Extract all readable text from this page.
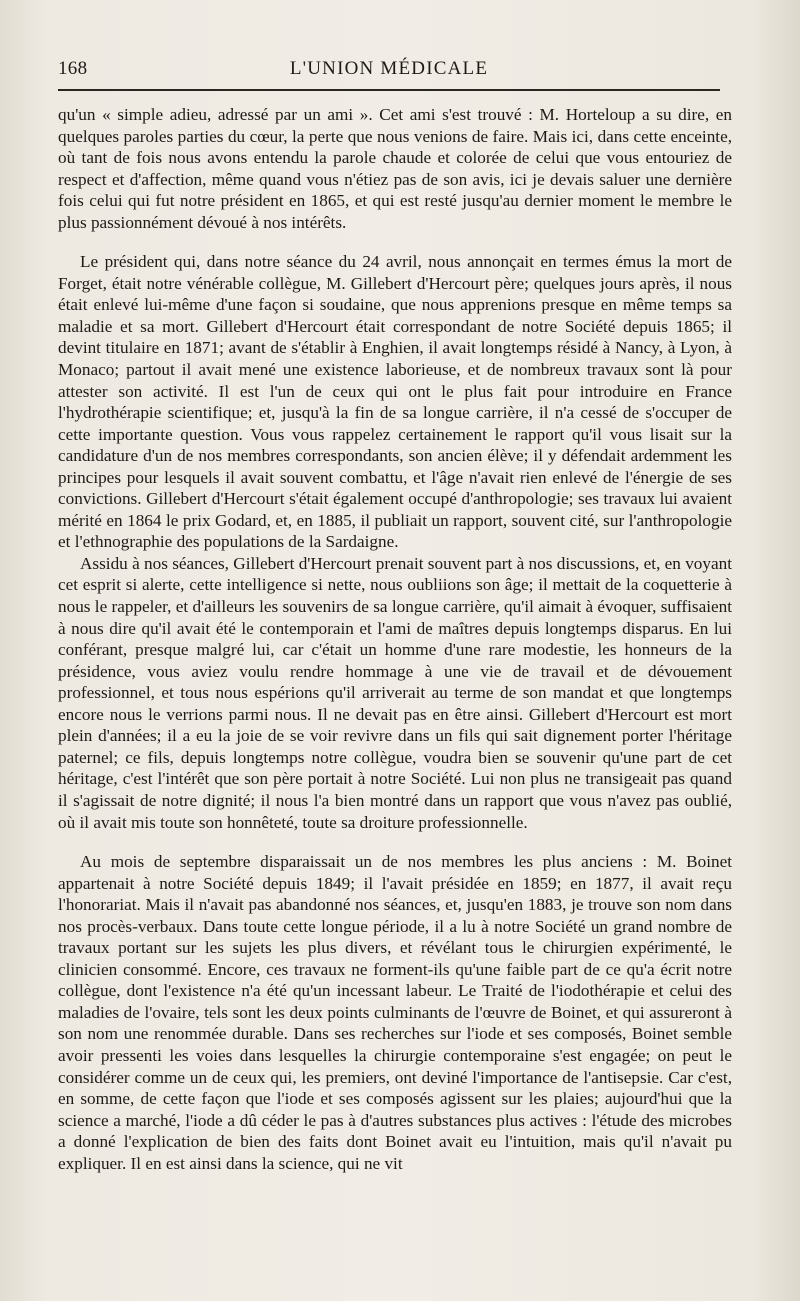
168	L'UNION MÉDICALE

qu'un « simple adieu, adressé par un ami ». Cet ami s'est trouvé : M. Horteloup a su dire, en quelques paroles parties du cœur, la perte que nous venions de faire. Mais ici, dans cette enceinte, où tant de fois nous avons entendu la parole chaude et colorée de celui que vous entouriez de respect et d'affection, même quand vous n'étiez pas de son avis, ici je devais saluer une dernière fois celui qui fut notre président en 1865, et qui est resté jusqu'au dernier moment le membre le plus passionnément dévoué à nos intérêts.

Le président qui, dans notre séance du 24 avril, nous annonçait en termes émus la mort de Forget, était notre vénérable collègue, M. Gillebert d'Hercourt père; quelques jours après, il nous était enlevé lui-même d'une façon si soudaine, que nous apprenions presque en même temps sa maladie et sa mort. Gillebert d'Hercourt était correspondant de notre Société depuis 1865; il devint titulaire en 1871; avant de s'établir à Enghien, il avait longtemps résidé à Nancy, à Lyon, à Monaco; partout il avait mené une existence laborieuse, et de nombreux travaux sont là pour attester son activité. Il est l'un de ceux qui ont le plus fait pour introduire en France l'hydrothérapie scientifique; et, jusqu'à la fin de sa longue carrière, il n'a cessé de s'occuper de cette importante question. Vous vous rappelez certainement le rapport qu'il vous lisait sur la candidature d'un de nos membres correspondants, son ancien élève; il y défendait ardemment les principes pour lesquels il avait souvent combattu, et l'âge n'avait rien enlevé de l'énergie de ses convictions. Gillebert d'Hercourt s'était également occupé d'anthropologie; ses travaux lui avaient mérité en 1864 le prix Godard, et, en 1885, il publiait un rapport, souvent cité, sur l'anthropologie et l'ethnographie des populations de la Sardaigne.

Assidu à nos séances, Gillebert d'Hercourt prenait souvent part à nos discussions, et, en voyant cet esprit si alerte, cette intelligence si nette, nous oubliions son âge; il mettait de la coquetterie à nous le rappeler, et d'ailleurs les souvenirs de sa longue carrière, qu'il aimait à évoquer, suffisaient à nous dire qu'il avait été le contemporain et l'ami de maîtres depuis longtemps disparus. En lui conférant, presque malgré lui, car c'était un homme d'une rare modestie, les honneurs de la présidence, vous aviez voulu rendre hommage à une vie de travail et de dévouement professionnel, et tous nous espérions qu'il arriverait au terme de son mandat et que longtemps encore nous le verrions parmi nous. Il ne devait pas en être ainsi. Gillebert d'Hercourt est mort plein d'années; il a eu la joie de se voir revivre dans un fils qui sait dignement porter l'héritage paternel; ce fils, depuis longtemps notre collègue, voudra bien se souvenir qu'une part de cet héritage, c'est l'intérêt que son père portait à notre Société. Lui non plus ne transigeait pas quand il s'agissait de notre dignité; il nous l'a bien montré dans un rapport que vous n'avez pas oublié, où il avait mis toute son honnêteté, toute sa droiture professionnelle.

Au mois de septembre disparaissait un de nos membres les plus anciens : M. Boinet appartenait à notre Société depuis 1849; il l'avait présidée en 1859; en 1877, il avait reçu l'honorariat. Mais il n'avait pas abandonné nos séances, et, jusqu'en 1883, je trouve son nom dans nos procès-verbaux. Dans toute cette longue période, il a lu à notre Société un grand nombre de travaux portant sur les sujets les plus divers, et révélant tous le chirurgien expérimenté, le clinicien consommé. Encore, ces travaux ne forment-ils qu'une faible part de ce qu'a écrit notre collègue, dont l'existence n'a été qu'un incessant labeur. Le Traité de l'iodothérapie et celui des maladies de l'ovaire, tels sont les deux points culminants de l'œuvre de Boinet, et qui assureront à son nom une renommée durable. Dans ses recherches sur l'iode et ses composés, Boinet semble avoir pressenti les voies dans lesquelles la chirurgie contemporaine s'est engagée; on peut le considérer comme un de ceux qui, les premiers, ont deviné l'importance de l'antisepsie. Car c'est, en somme, de cette façon que l'iode et ses composés agissent sur les plaies; aujourd'hui que la science a marché, l'iode a dû céder le pas à d'autres substances plus actives : l'étude des microbes a donné l'explication de bien des faits dont Boinet avait eu l'intuition, mais qu'il n'avait pu expliquer. Il en est ainsi dans la science, qui ne vit
